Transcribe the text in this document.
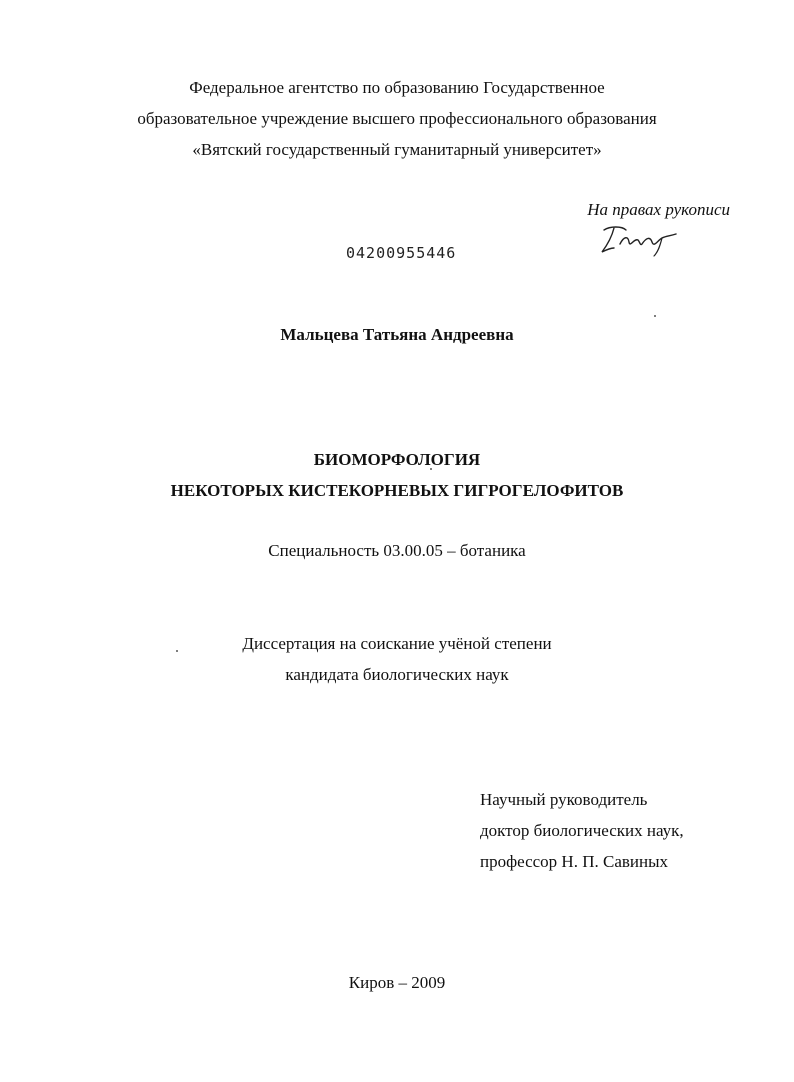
Федеральное агентство по образованию Государственное
образовательное учреждение высшего профессионального образования
«Вятский государственный гуманитарный университет»
На правах рукописи
04200955446
Мальцева Татьяна Андреевна
БИОМОРФОЛОГИЯ
НЕКОТОРЫХ КИСТЕКОРНЕВЫХ ГИГРОГЕЛОФИТОВ
Специальность 03.00.05 – ботаника
Диссертация на соискание учёной степени
кандидата биологических наук
Научный руководитель
доктор биологических наук,
профессор Н. П. Савиных
Киров – 2009
